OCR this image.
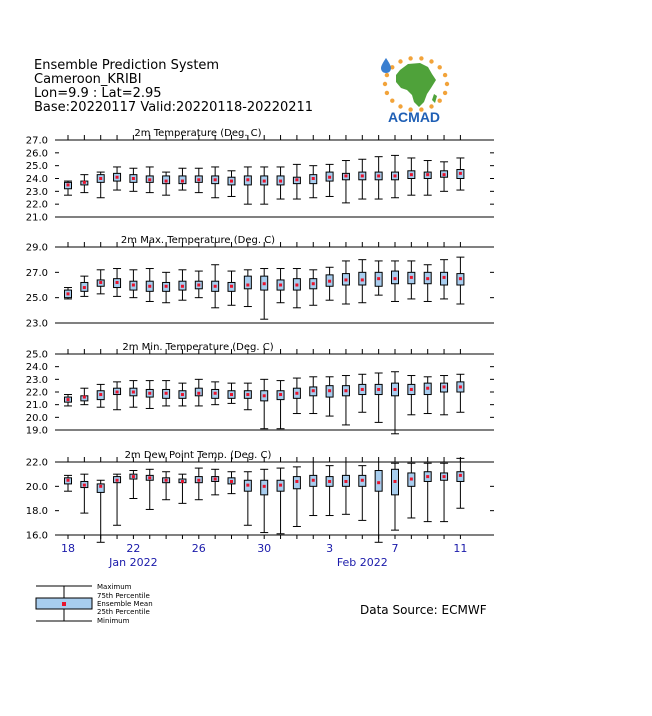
Ensemble Prediction System
Cameroon_KRIBI
Lon=9.9 : Lat=2.95
Base:20220117 Valid:20220118-20220211
ACMAD
2m Temperature (Deg. C)
27.0
26.0
25.0
24.0
23.0
22.0
21.0
2m Max. Temperature (Deg. C)
29.0
27.0
25.0
23.0
2m Min. Temperature (Deg. C)
25.0
24.0
23.0
22.0
21.0
20.0
19.0
2m Dew Point Temp. (Deg. C)
22.0
20.0
18.0
16.0
18	22	26	30	3	7	11
Jan 2022	Feb 2022
Maximum
75th Percentile
Ensemble Mean
25th Percentile
Minimum
Data Source: ECMWF
